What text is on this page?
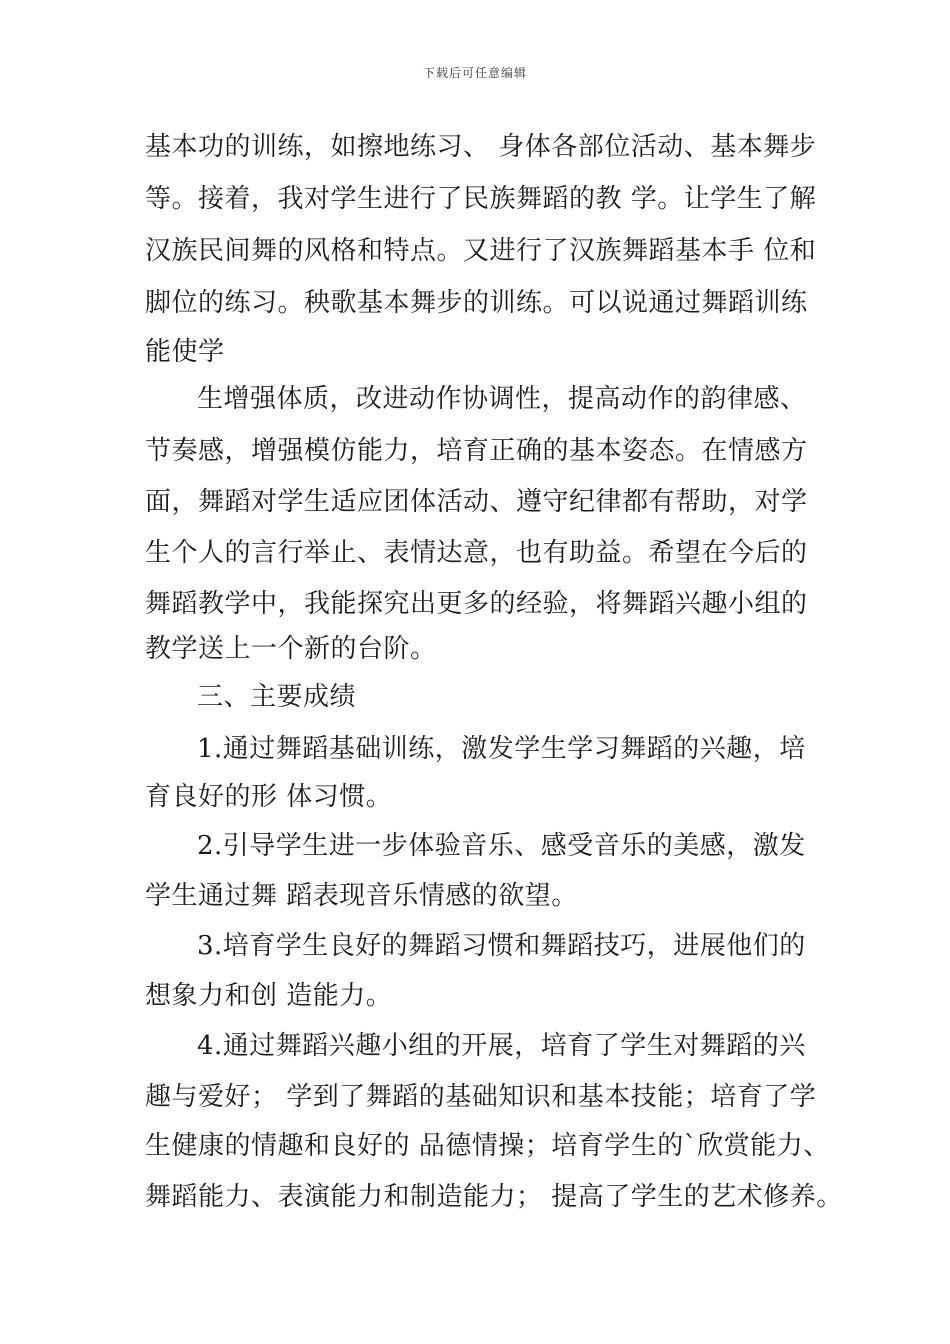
下载后可任意编辑
基本功的训练，如擦地练习、 身体各部位活动、基本舞步
等。接着，我对学生进行了民族舞蹈的教 学。让学生了解
汉族民间舞的风格和特点。又进行了汉族舞蹈基本手 位和
脚位的练习。秧歌基本舞步的训练。可以说通过舞蹈训练
能使学
生增强体质，改进动作协调性，提高动作的韵律感、
节奏感，增强模仿能力，培育正确的基本姿态。在情感方
面，舞蹈对学生适应团体活动、遵守纪律都有帮助，对学
生个人的言行举止、表情达意，也有助益。希望在今后的
舞蹈教学中，我能探究出更多的经验，将舞蹈兴趣小组的
教学送上一个新的台阶。
三、主要成绩
1.通过舞蹈基础训练，激发学生学习舞蹈的兴趣，培
育良好的形 体习惯。
2.引导学生进一步体验音乐、感受音乐的美感，激发
学生通过舞 蹈表现音乐情感的欲望。
3.培育学生良好的舞蹈习惯和舞蹈技巧，进展他们的
想象力和创 造能力。
4.通过舞蹈兴趣小组的开展，培育了学生对舞蹈的兴
趣与爱好； 学到了舞蹈的基础知识和基本技能；培育了学
生健康的情趣和良好的 品德情操；培育学生的`欣赏能力、
舞蹈能力、表演能力和制造能力； 提高了学生的艺术修养。
